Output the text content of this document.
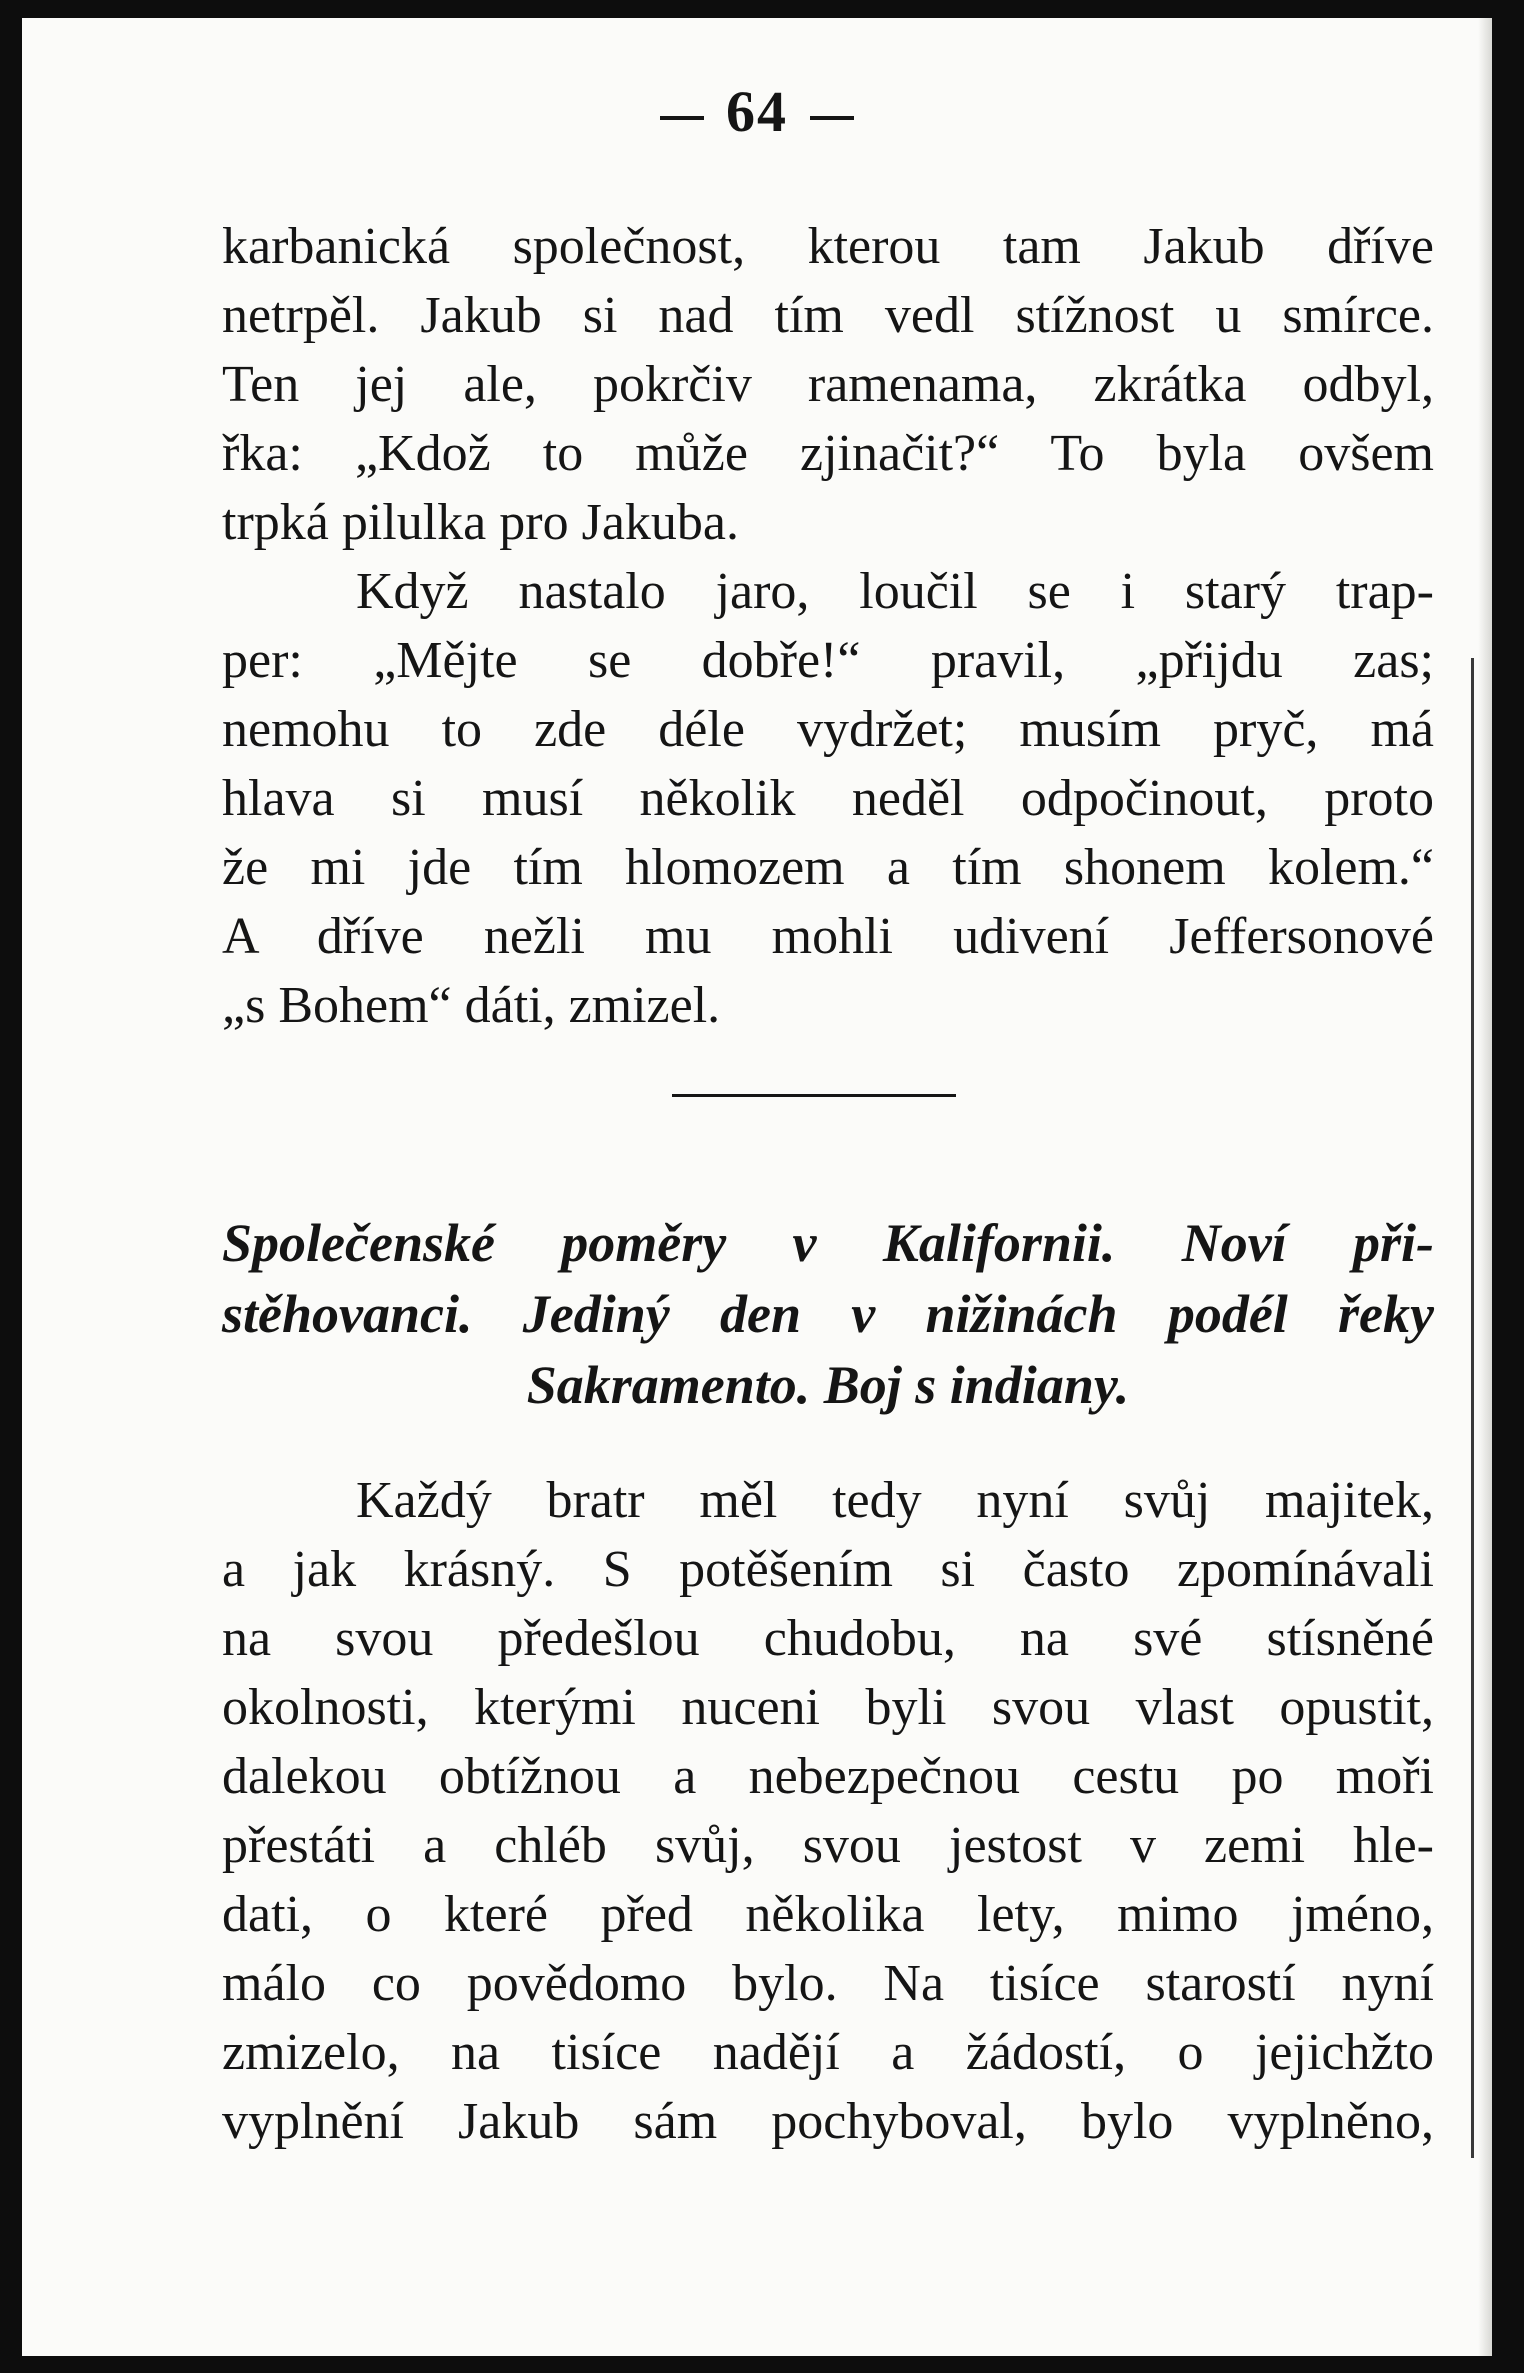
64
karbanická společnost, kterou tam Jakub dříve
netrpěl. Jakub si nad tím vedl stížnost u smírce.
Ten jej ale, pokrčiv ramenama, zkrátka odbyl,
řka: „Kdož to může zjinačit?“ To byla ovšem
trpká pilulka pro Jakuba.
Když nastalo jaro, loučil se i starý trap-
per: „Mějte se dobře!“ pravil, „přijdu zas;
nemohu to zde déle vydržet; musím pryč, má
hlava si musí několik neděl odpočinout, proto
že mi jde tím hlomozem a tím shonem kolem.“
A dříve nežli mu mohli udivení Jeffersonové
„s Bohem“ dáti, zmizel.
Společenské poměry v Kalifornii. Noví při-
stěhovanci. Jediný den v nižinách podél řeky
Sakramento. Boj s indiany.
Každý bratr měl tedy nyní svůj majitek,
a jak krásný. S potěšením si často zpomínávali
na svou předešlou chudobu, na své stísněné
okolnosti, kterými nuceni byli svou vlast opustit,
dalekou obtížnou a nebezpečnou cestu po moři
přestáti a chléb svůj, svou jestost v zemi hle-
dati, o které před několika lety, mimo jméno,
málo co povědomo bylo. Na tisíce starostí nyní
zmizelo, na tisíce nadějí a žádostí, o jejichžto
vyplnění Jakub sám pochyboval, bylo vyplněno,
